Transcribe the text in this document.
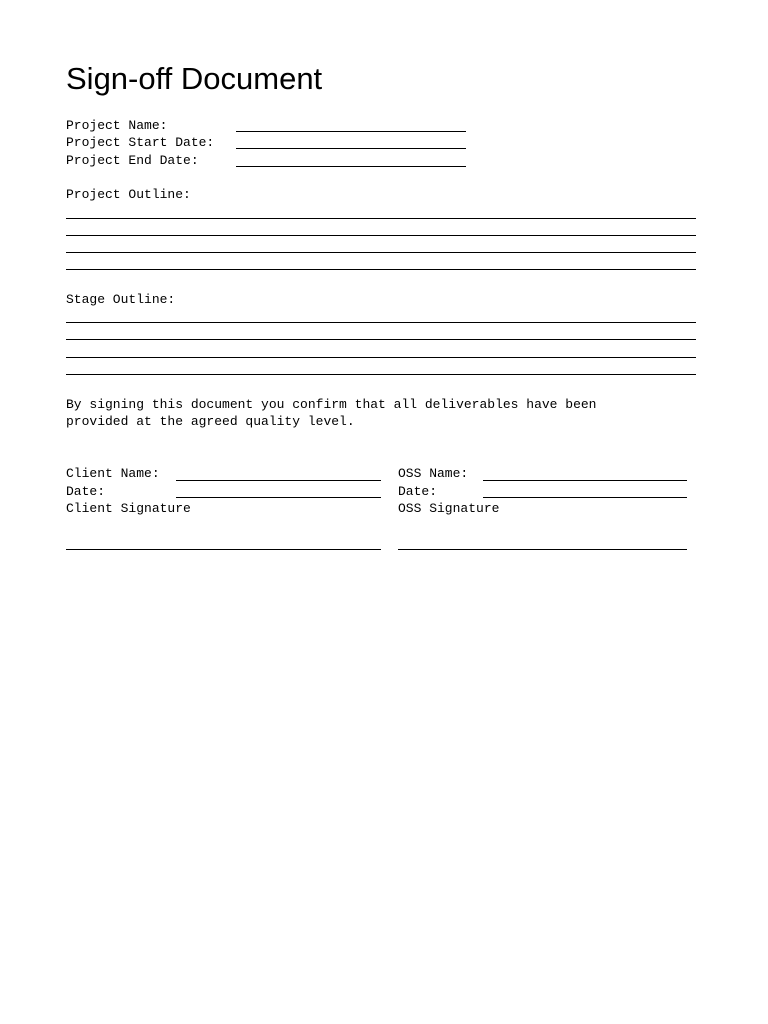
Sign-off Document
Project Name:
Project Start Date:
Project End Date:
Project Outline:
Stage Outline:
By signing this document you confirm that all deliverables have been
provided at the agreed quality level.
Client Name:
Date:
Client Signature
OSS Name:
Date:
OSS Signature
